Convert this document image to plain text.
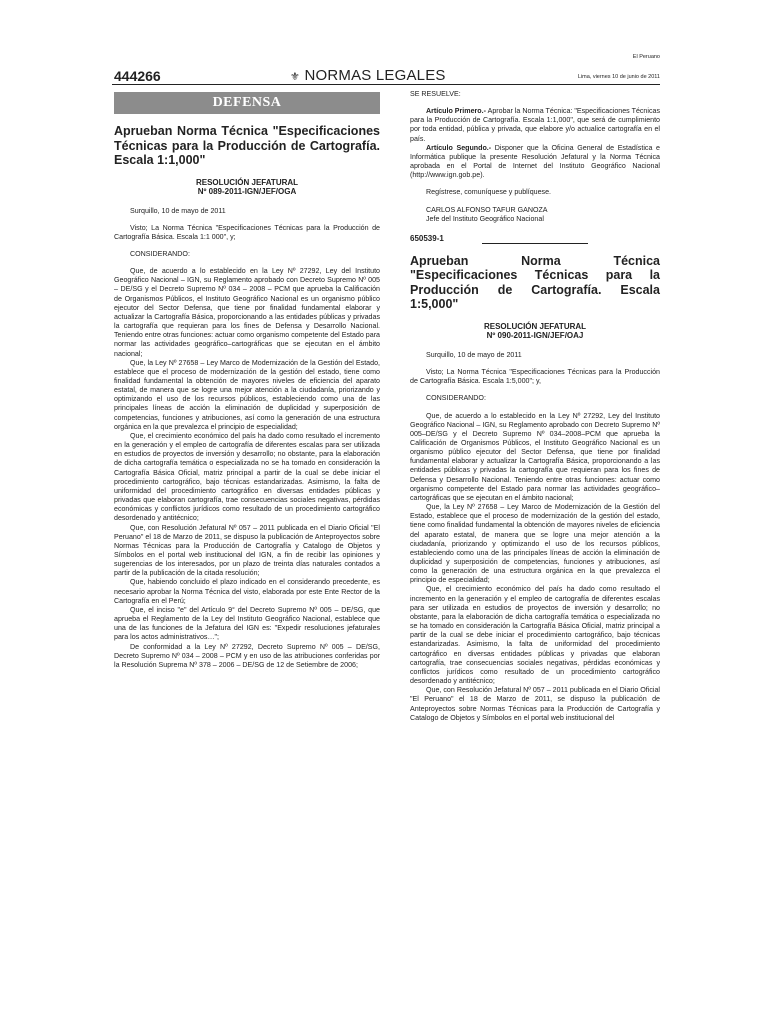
El Peruano
444266	⚜ NORMAS LEGALES	Lima, viernes 10 de junio de 2011
DEFENSA
Aprueban Norma Técnica "Especificaciones Técnicas para la Producción de Cartografía. Escala 1:1,000"
RESOLUCIÓN JEFATURAL
Nº 089-2011-IGN/JEF/OGA

Surquillo, 10 de mayo de 2011

Visto; La Norma Técnica "Especificaciones Técnicas para la Producción de Cartografía Básica. Escala 1:1 000", y;

CONSIDERANDO:

Que, de acuerdo a lo establecido en la Ley Nº 27292, Ley del Instituto Geográfico Nacional – IGN, su Reglamento aprobado con Decreto Supremo Nº 005 – DE/SG y el Decreto Supremo Nº 034 – 2008 – PCM que aprueba la Calificación de Organismos Públicos, el Instituto Geográfico Nacional es un organismo público ejecutor del Sector Defensa, que tiene por finalidad fundamental elaborar y actualizar la Cartografía Básica, proporcionando a las entidades públicas y privadas la cartografía que requieran para los fines de Defensa y Desarrollo Nacional. Teniendo entre otras funciones: actuar como organismo competente del Estado para normar las actividades geográfico–cartográficas que se ejecutan en el ámbito nacional;

Que, la Ley Nº 27658 – Ley Marco de Modernización de la Gestión del Estado, establece que el proceso de modernización de la gestión del estado, tiene como finalidad fundamental la obtención de mayores niveles de eficiencia del aparato estatal, de manera que se logre una mejor atención a la ciudadanía, priorizando y optimizando el uso de los recursos públicos, estableciendo como una de las principales líneas de acción la eliminación de duplicidad y superposición de competencias, funciones y atribuciones, así como la generación de una estructura orgánica en la que prevalezca el principio de especialidad;

Que, el crecimiento económico del país ha dado como resultado el incremento en la generación y el empleo de cartografía de diferentes escalas para ser utilizada en estudios de proyectos de inversión y desarrollo; no obstante, para la elaboración de dicha cartografía temática o especializada no se ha tomado en consideración la Cartografía Básica Oficial, matriz principal a partir de la cual se debe iniciar el procedimiento cartográfico, bajo técnicas estandarizadas. Asimismo, la falta de uniformidad del procedimiento cartográfico en diversas entidades públicas y privadas que elaboran cartografía, trae consecuencias sociales negativas, pérdidas económicas y conflictos jurídicos como resultado de un procedimiento cartográfico desordenado y antitécnico;

Que, con Resolución Jefatural Nº 057 – 2011 publicada en el Diario Oficial "El Peruano" el 18 de Marzo de 2011, se dispuso la publicación de Anteproyectos sobre Normas Técnicas para la Producción de Cartografía y Catalogo de Objetos y Símbolos en el portal web institucional del IGN, a fin de recibir las opiniones y sugerencias de los interesados, por un plazo de treinta días naturales contados a partir de la publicación de la citada resolución;

Que, habiendo concluido el plazo indicado en el considerando precedente, es necesario aprobar la Norma Técnica del visto, elaborada por este Ente Rector de la Cartografía en el Perú;

Que, el inciso "e" del Artículo 9° del Decreto Supremo Nº 005 – DE/SG, que aprueba el Reglamento de la Ley del Instituto Geográfico Nacional, establece que una de las funciones de la Jefatura del IGN es: "Expedir resoluciones jefaturales para los actos administrativos…";

De conformidad a la Ley Nº 27292, Decreto Supremo Nº 005 – DE/SG, Decreto Supremo Nº 034 – 2008 – PCM y en uso de las atribuciones conferidas por la Resolución Suprema Nº 378 – 2006 – DE/SG de 12 de Setiembre de 2006;

SE RESUELVE:

Artículo Primero.- Aprobar la Norma Técnica: "Especificaciones Técnicas para la Producción de Cartografía. Escala 1:1,000", que será de cumplimiento por toda entidad, pública y privada, que elabore y/o actualice cartografía en el país.

Artículo Segundo.- Disponer que la Oficina General de Estadística e Informática publique la presente Resolución Jefatural y la Norma Técnica aprobada en el Portal de Internet del Instituto Geográfico Nacional (http://www.ign.gob.pe).

Regístrese, comuníquese y publíquese.

CARLOS ALFONSO TAFUR GANOZA

Jefe del Instituto Geográfico Nacional

650539-1
Aprueban Norma Técnica "Especificaciones Técnicas para la Producción de Cartografía. Escala 1:5,000"
RESOLUCIÓN JEFATURAL
Nº 090-2011-IGN/JEF/OAJ

Surquillo, 10 de mayo de 2011

Visto; La Norma Técnica "Especificaciones Técnicas para la Producción de Cartografía Básica. Escala 1:5,000"; y,

CONSIDERANDO:

Que, de acuerdo a lo establecido en la Ley Nº 27292, Ley del Instituto Geográfico Nacional – IGN, su Reglamento aprobado con Decreto Supremo Nº 005–DE/SG y el Decreto Supremo Nº 034–2008–PCM que aprueba la Calificación de Organismos Públicos, el Instituto Geográfico Nacional es un organismo público ejecutor del Sector Defensa, que tiene por finalidad fundamental elaborar y actualizar la Cartografía Básica, proporcionando a las entidades públicas y privadas la cartografía que requieran para los fines de Defensa y Desarrollo Nacional. Teniendo entre otras funciones: actuar como organismo competente del Estado para normar las actividades geográfico–cartográficas que se ejecutan en el ámbito nacional;

Que, la Ley Nº 27658 – Ley Marco de Modernización de la Gestión del Estado, establece que el proceso de modernización de la gestión del estado, tiene como finalidad fundamental la obtención de mayores niveles de eficiencia del aparato estatal, de manera que se logre una mejor atención a la ciudadanía, priorizando y optimizando el uso de los recursos públicos, estableciendo como una de las principales líneas de acción la eliminación de duplicidad y superposición de competencias, funciones y atribuciones, así como la generación de una estructura orgánica en la que prevalezca el principio de especialidad;

Que, el crecimiento económico del país ha dado como resultado el incremento en la generación y el empleo de cartografía de diferentes escalas para ser utilizada en estudios de proyectos de inversión y desarrollo; no obstante, para la elaboración de dicha cartografía temática o especializada no se ha tomado en consideración la Cartografía Básica Oficial, matriz principal a partir de la cual se debe iniciar el procedimiento cartográfico, bajo técnicas estandarizadas. Asimismo, la falta de uniformidad del procedimiento cartográfico en diversas entidades públicas y privadas que elaboran cartografía, trae consecuencias sociales negativas, pérdidas económicas y conflictos jurídicos como resultado de un procedimiento cartográfico desordenado y antitécnico;

Que, con Resolución Jefatural Nº 057 – 2011 publicada en el Diario Oficial "El Peruano" el 18 de Marzo de 2011, se dispuso la publicación de Anteproyectos sobre Normas Técnicas para la Producción de Cartografía y Catalogo de Objetos y Símbolos en el portal web institucional del
